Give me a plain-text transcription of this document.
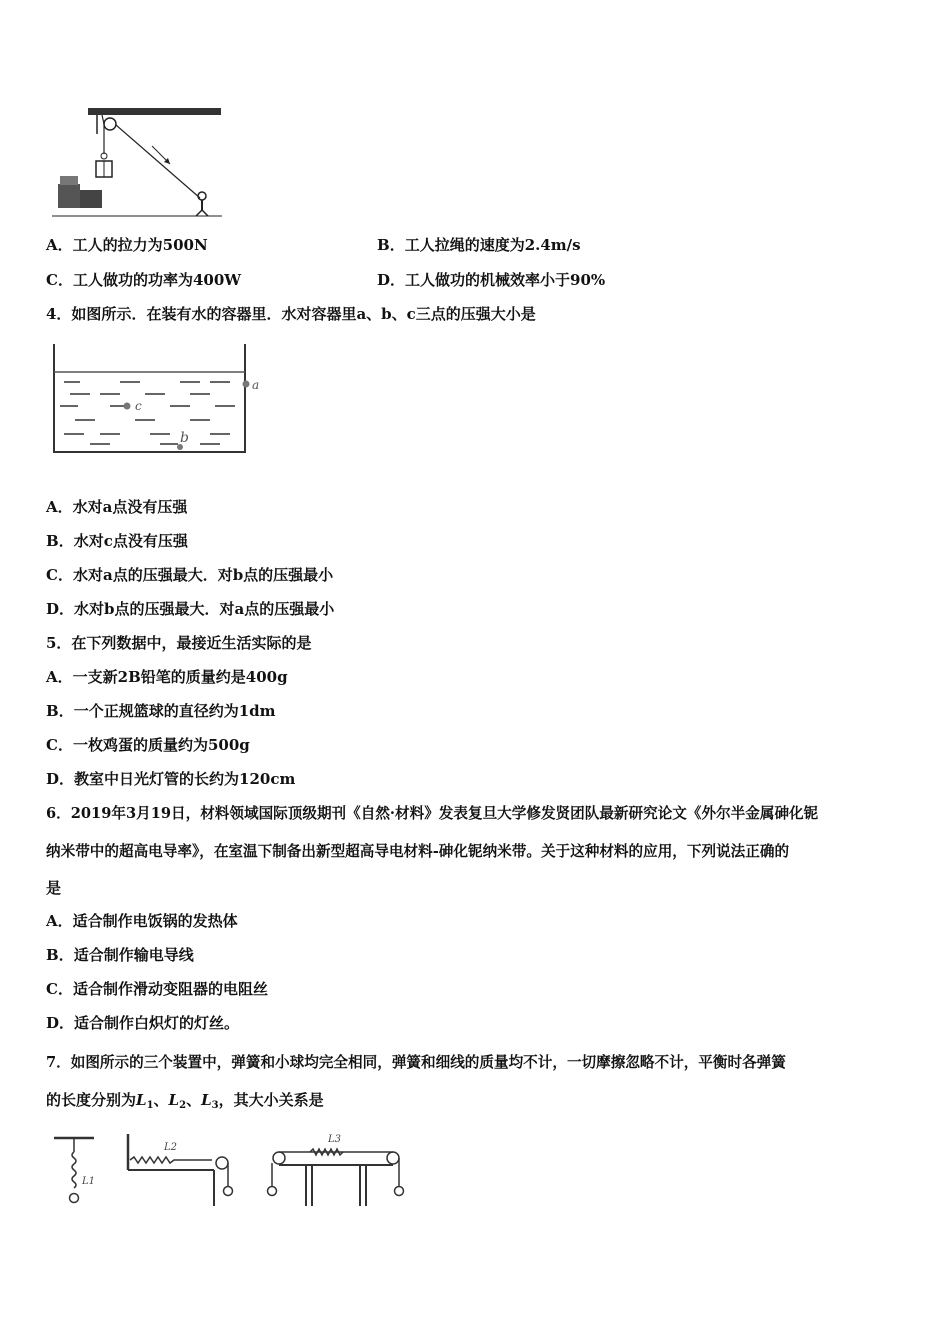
A．工人的拉力为500N	B．工人拉绳的速度为2.4m/s
C．工人做功的功率为400W	D．工人做功的机械效率小于90%
4．如图所示．在装有水的容器里．水对容器里a、b、c三点的压强大小是
a
c
b
A．水对a点没有压强
B．水对c点没有压强
C．水对a点的压强最大．对b点的压强最小
D．水对b点的压强最大．对a点的压强最小
5．在下列数据中，最接近生活实际的是
A．一支新2B铅笔的质量约是400g
B．一个正规篮球的直径约为1dm
C．一枚鸡蛋的质量约为500g
D．教室中日光灯管的长约为120cm
6．2019年3月19日，材料领域国际顶级期刊《自然·材料》发表复旦大学修发贤团队最新研究论文《外尔半金属砷化铌
纳米带中的超高电导率》，在室温下制备出新型超高导电材料-砷化铌纳米带。关于这种材料的应用，下列说法正确的
是
A．适合制作电饭锅的发热体
B．适合制作输电导线
C．适合制作滑动变阻器的电阻丝
D．适合制作白炽灯的灯丝。
7．如图所示的三个装置中，弹簧和小球均完全相同，弹簧和细线的质量均不计，一切摩擦忽略不计，平衡时各弹簧
的长度分别为$L_1$、$L_2$、$L_3$，其大小关系是
L1
L2
L3
